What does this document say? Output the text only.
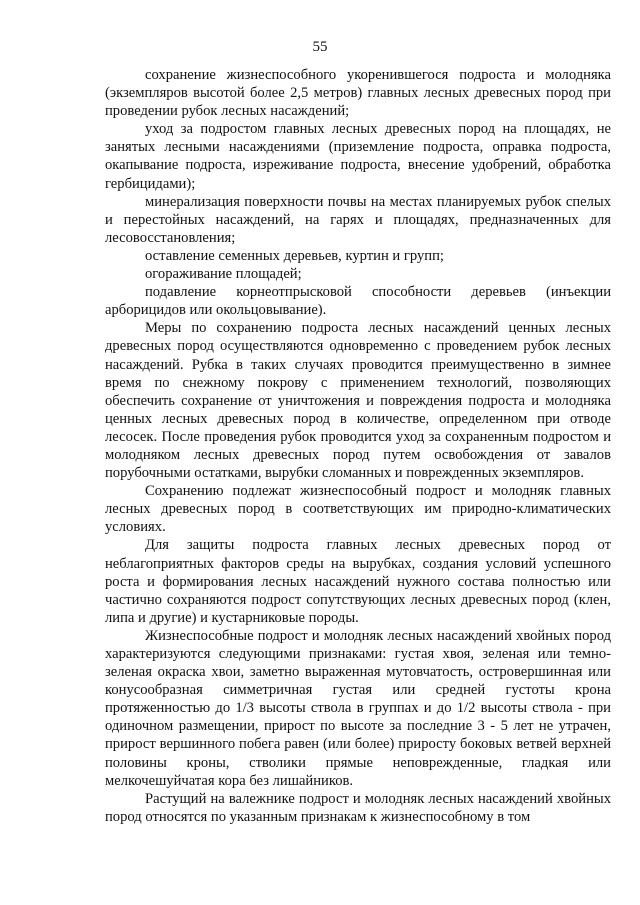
55

сохранение жизнеспособного укоренившегося подроста и молодняка (экземпляров высотой более 2,5 метров) главных лесных древесных пород при проведении рубок лесных насаждений;

уход за подростом главных лесных древесных пород на площадях, не занятых лесными насаждениями (приземление подроста, оправка подроста, окапывание подроста, изреживание подроста, внесение удобрений, обработка гербицидами);

минерализация поверхности почвы на местах планируемых рубок спелых и перестойных насаждений, на гарях и площадях, предназначенных для лесовосстановления;

оставление семенных деревьев, куртин и групп;

огораживание площадей;

подавление корнеотпрысковой способности деревьев (инъекции арборицидов или окольцовывание).

Меры по сохранению подроста лесных насаждений ценных лесных древесных пород осуществляются одновременно с проведением рубок лесных насаждений. Рубка в таких случаях проводится преимущественно в зимнее время по снежному покрову с применением технологий, позволяющих обеспечить сохранение от уничтожения и повреждения подроста и молодняка ценных лесных древесных пород в количестве, определенном при отводе лесосек. После проведения рубок проводится уход за сохраненным подростом и молодняком лесных древесных пород путем освобождения от завалов порубочными остатками, вырубки сломанных и поврежденных экземпляров.

Сохранению подлежат жизнеспособный подрост и молодняк главных лесных древесных пород в соответствующих им природно-климатических условиях.

Для защиты подроста главных лесных древесных пород от неблагоприятных факторов среды на вырубках, создания условий успешного роста и формирования лесных насаждений нужного состава полностью или частично сохраняются подрост сопутствующих лесных древесных пород (клен, липа и другие) и кустарниковые породы.

Жизнеспособные подрост и молодняк лесных насаждений хвойных пород характеризуются следующими признаками: густая хвоя, зеленая или темно-зеленая окраска хвои, заметно выраженная мутовчатость, островершинная или конусообразная симметричная густая или средней густоты крона протяженностью до 1/3 высоты ствола в группах и до 1/2 высоты ствола - при одиночном размещении, прирост по высоте за последние 3 - 5 лет не утрачен, прирост вершинного побега равен (или более) приросту боковых ветвей верхней половины кроны, стволики прямые неповрежденные, гладкая или мелкочешуйчатая кора без лишайников.

Растущий на валежнике подрост и молодняк лесных насаждений хвойных пород относятся по указанным признакам к жизнеспособному в том
